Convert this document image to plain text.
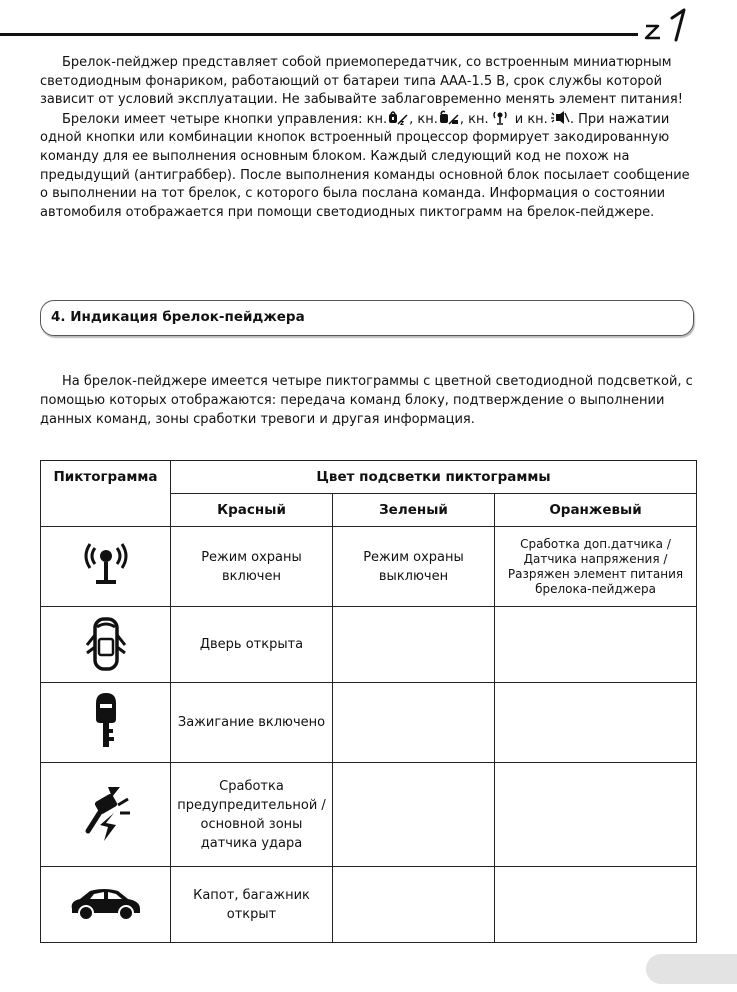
Брелок-пейджер представляет собой приемопередатчик, со встроенным миниатюрным светодиодным фонариком, работающий от батареи типа ААА-1.5 В, срок службы которой зависит от условий эксплуатации. Не забывайте заблаговременно менять элемент питания!

Брелоки имеет четыре кнопки управления: кн. z , кн. , кн. и кн. . При нажатии одной кнопки или комбинации кнопок встроенный процессор формирует закодированную команду для ее выполнения основным блоком. Каждый следующий код не похож на предыдущий (антиграббер). После выполнения команды основной блок посылает сообщение о выполнении на тот брелок, с которого была послана команда. Информация о состоянии автомобиля отображается при помощи светодиодных пиктограмм на брелок-пейджере.

4. Индикация брелок-пейджера

На брелок-пейджере имеется четыре пиктограммы с цветной светодиодной подсветкой, с помощью которых отображаются: передача команд блоку, подтверждение о выполнении данных команд, зоны сработки тревоги и другая информация.

Пиктограмма	Цвет подсветки пиктограммы		
	Красный	Зеленый	Оранжевый
	Режим охраны включен	Режим охраны выключен	Сработка доп.датчика / Датчика напряжения / Разряжен элемент питания брелока-пейджера
	Дверь открыта		
	Зажигание включено		
	Сработка предупредительной / основной зоны датчика удара		
	Капот, багажник открыт		
